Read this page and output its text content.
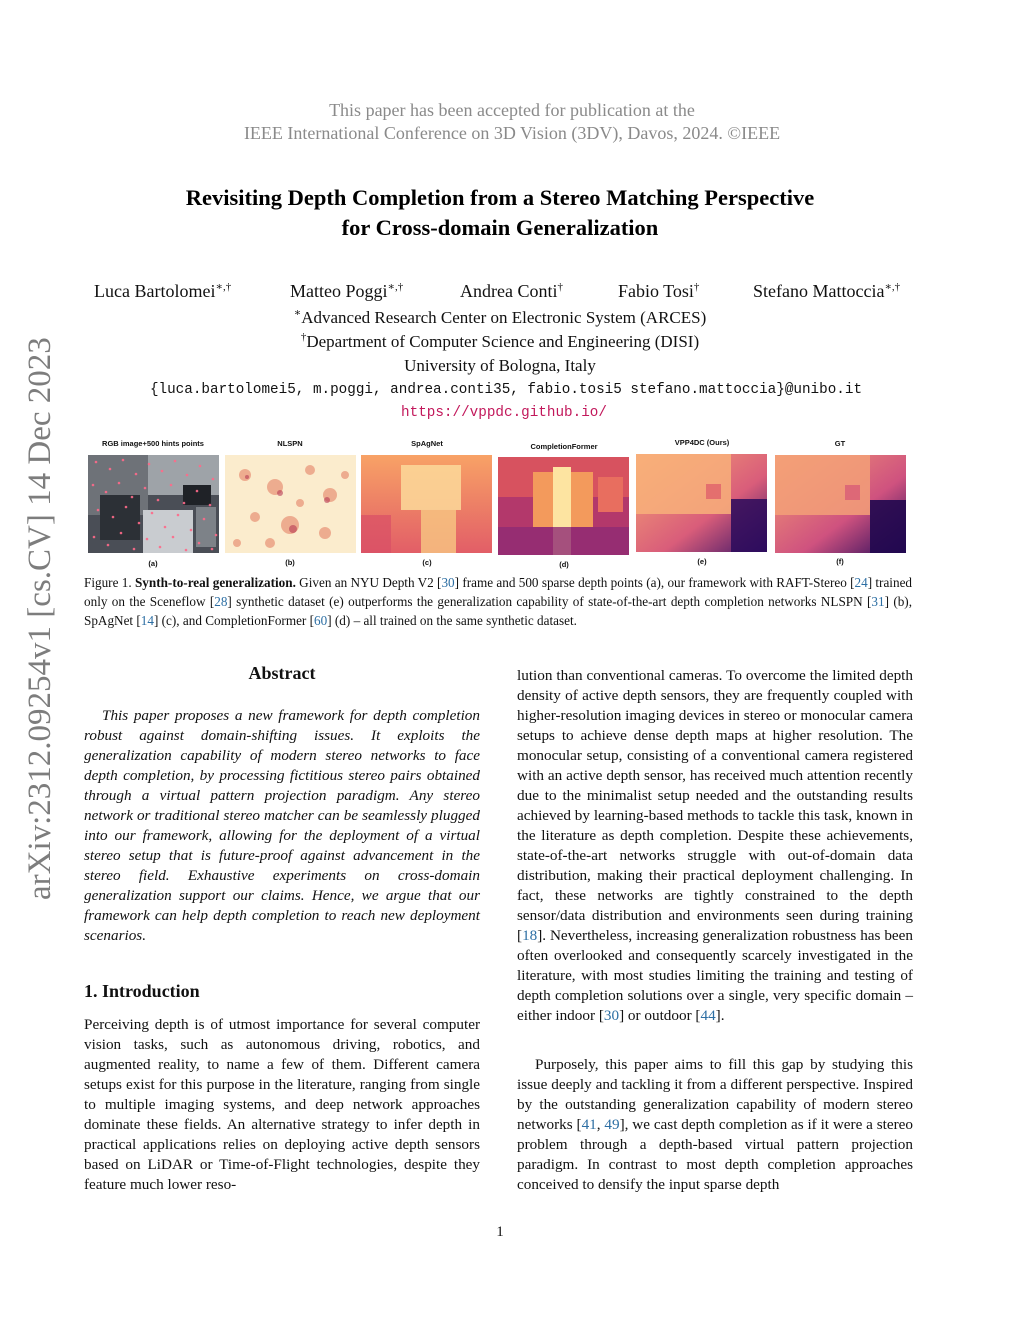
This paper has been accepted for publication at the
IEEE International Conference on 3D Vision (3DV), Davos, 2024. ©IEEE
Revisiting Depth Completion from a Stereo Matching Perspective
for Cross-domain Generalization
Luca Bartolomei∗,†	Matteo Poggi∗,†	Andrea Conti†	Fabio Tosi†	Stefano Mattoccia∗,†
∗Advanced Research Center on Electronic System (ARCES)
†Department of Computer Science and Engineering (DISI)
University of Bologna, Italy
{luca.bartolomei5, m.poggi, andrea.conti35, fabio.tosi5 stefano.mattoccia}@unibo.it
https://vppdc.github.io/
arXiv:2312.09254v1 [cs.CV] 14 Dec 2023	RGB image+500 hints points	NLSPN	SpAgNet	CompletionFormer	VPP4DC (Ours)	GT
(a)	(b)	(c)	(d)	(e)	(f)
Figure 1. Synth-to-real generalization. Given an NYU Depth V2 [30] frame and 500 sparse depth points (a), our framework with RAFT-Stereo [24] trained only on the Sceneflow [28] synthetic dataset (e) outperforms the generalization capability of state-of-the-art depth completion networks NLSPN [31] (b), SpAgNet [14] (c), and CompletionFormer [60] (d) – all trained on the same synthetic dataset.
Abstract
This paper proposes a new framework for depth completion robust against domain-shifting issues. It exploits the generalization capability of modern stereo networks to face depth completion, by processing fictitious stereo pairs obtained through a virtual pattern projection paradigm. Any stereo network or traditional stereo matcher can be seamlessly plugged into our framework, allowing for the deployment of a virtual stereo setup that is future-proof against advancement in the stereo field. Exhaustive experiments on cross-domain generalization support our claims. Hence, we argue that our framework can help depth completion to reach new deployment scenarios.
1. Introduction
Perceiving depth is of utmost importance for several computer vision tasks, such as autonomous driving, robotics, and augmented reality, to name a few of them. Different camera setups exist for this purpose in the literature, ranging from single to multiple imaging systems, and deep network approaches dominate these fields. An alternative strategy to infer depth in practical applications relies on deploying active depth sensors based on LiDAR or Time-of-Flight technologies, despite they feature much lower reso-
lution than conventional cameras. To overcome the limited depth density of active depth sensors, they are frequently coupled with higher-resolution imaging devices in stereo or monocular camera setups to achieve dense depth maps at higher resolution. The monocular setup, consisting of a conventional camera registered with an active depth sensor, has received much attention recently due to the minimalist setup needed and the outstanding results achieved by learning-based methods to tackle this task, known in the literature as depth completion. Despite these achievements, state-of-the-art networks struggle with out-of-domain data distribution, making their practical deployment challenging. In fact, these networks are tightly constrained to the depth sensor/data distribution and environments seen during training [18]. Nevertheless, increasing generalization robustness has been often overlooked and consequently scarcely investigated in the literature, with most studies limiting the training and testing of depth completion solutions over a single, very specific domain – either indoor [30] or outdoor [44].
Purposely, this paper aims to fill this gap by studying this issue deeply and tackling it from a different perspective. Inspired by the outstanding generalization capability of modern stereo networks [41, 49], we cast depth completion as if it were a stereo problem through a depth-based virtual pattern projection paradigm. In contrast to most depth completion approaches conceived to densify the input sparse depth
1
